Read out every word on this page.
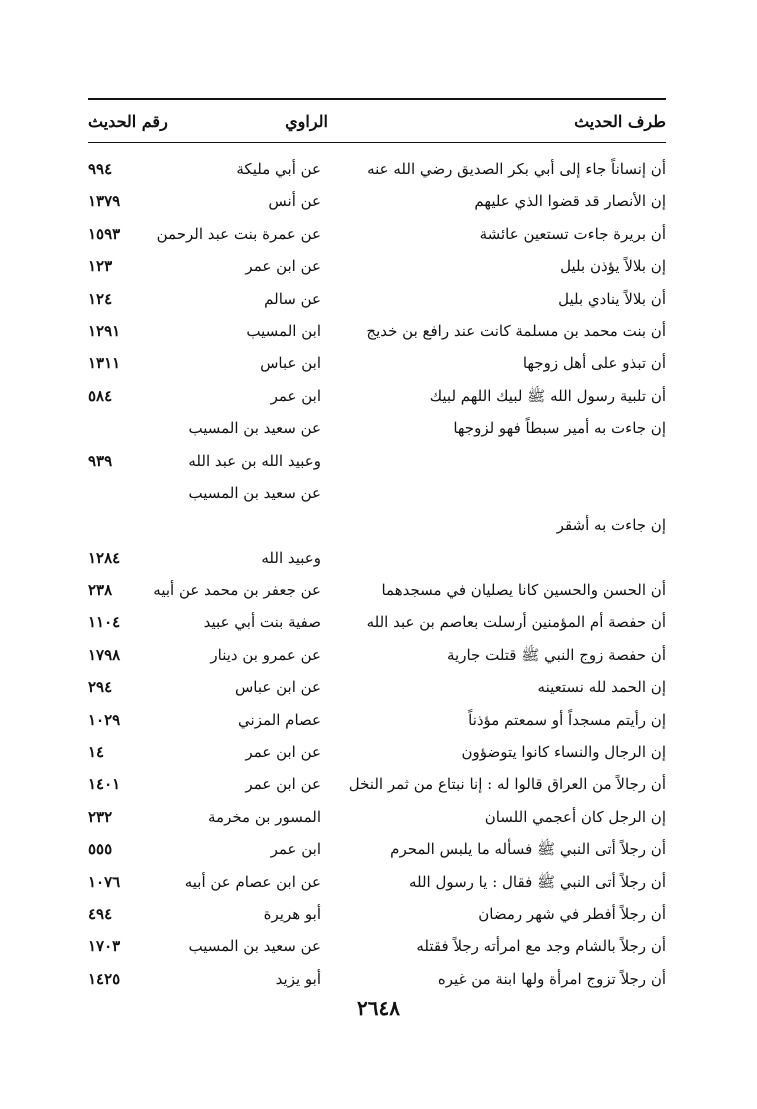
طرف الحديث
الراوي
رقم الحديث
أن إنساناً جاء إلى أبي بكر الصديق رضي الله عنه
عن أبي مليكة
٩٩٤
إن الأنصار قد قضوا الذي عليهم
عن أنس
١٣٧٩
أن بريرة جاءت تستعين عائشة
عن عمرة بنت عبد الرحمن
١٥٩٣
إن بلالاً يؤذن بليل
عن ابن عمر
١٢٣
أن بلالاً ينادي بليل
عن سالم
١٢٤
أن بنت محمد بن مسلمة كانت عند رافع بن خديج
ابن المسيب
١٢٩١
أن تبذو على أهل زوجها
ابن عباس
١٣١١
أن تلبية رسول الله ﷺ لبيك اللهم لبيك
ابن عمر
٥٨٤
إن جاءت به أمير سبطاً فهو لزوجها
عن سعيد بن المسيب
وعبيد الله بن عبد الله
٩٣٩
عن سعيد بن المسيب
إن جاءت به أشقر
وعبيد الله
١٢٨٤
أن الحسن والحسين كانا يصليان في مسجدهما
عن جعفر بن محمد عن أبيه
٢٣٨
أن حفصة أم المؤمنين أرسلت بعاصم بن عبد الله
صفية بنت أبي عبيد
١١٠٤
أن حفصة زوج النبي ﷺ قتلت جارية
عن عمرو بن دينار
١٧٩٨
إن الحمد لله نستعينه
عن ابن عباس
٢٩٤
إن رأيتم مسجداً أو سمعتم مؤذناً
عصام المزني
١٠٢٩
إن الرجال والنساء كانوا يتوضؤون
عن ابن عمر
١٤
أن رجالاً من العراق قالوا له : إنا نبتاع من ثمر النخل
عن ابن عمر
١٤٠١
إن الرجل كان أعجمي اللسان
المسور بن مخرمة
٢٣٢
أن رجلاً أتى النبي ﷺ فسأله ما يلبس المحرم
ابن عمر
٥٥٥
أن رجلاً أتى النبي ﷺ فقال : يا رسول الله
عن ابن عصام عن أبيه
١٠٧٦
أن رجلاً أفطر في شهر رمضان
أبو هريرة
٤٩٤
أن رجلاً بالشام وجد مع امرأته رجلاً فقتله
عن سعيد بن المسيب
١٧٠٣
أن رجلاً تزوج امرأة ولها ابنة من غيره
أبو يزيد
١٤٢٥
٢٦٤٨
